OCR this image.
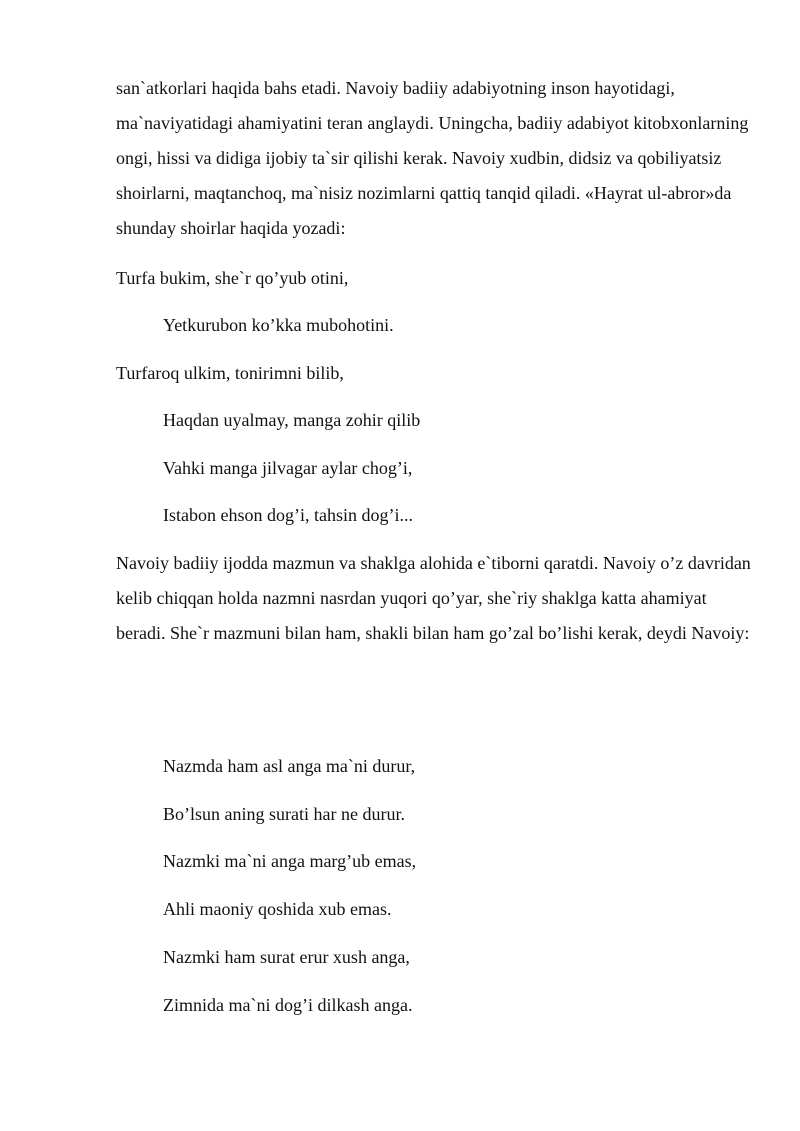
san`atkorlari haqida bahs etadi. Navoiy badiiy adabiyotning inson hayotidagi, ma`naviyatidagi ahamiyatini teran anglaydi. Uningcha, badiiy adabiyot kitobxonlarning ongi, hissi va didiga ijobiy ta`sir qilishi kerak. Navoiy xudbin, didsiz va qobiliyatsiz shoirlarni, maqtanchoq, ma`nisiz nozimlarni qattiq tanqid qiladi. «Hayrat ul-abror»da shunday shoirlar haqida yozadi:

Turfa bukim, she`r qo’yub otini,

Yetkurubon ko’kka mubohotini.

Turfaroq ulkim, tonirimni bilib,

Haqdan uyalmay, manga zohir qilib

Vahki manga jilvagar aylar chog’i,

Istabon ehson dog’i, tahsin dog’i...

Navoiy badiiy ijodda mazmun va shaklga alohida e`tiborni qaratdi. Navoiy o’z davridan kelib chiqqan holda nazmni nasrdan yuqori qo’yar, she`riy shaklga katta ahamiyat beradi. She`r mazmuni bilan ham, shakli bilan ham go’zal bo’lishi kerak, deydi Navoiy:

Nazmda ham asl anga ma`ni durur,

Bo’lsun aning surati har ne durur.

Nazmki ma`ni anga marg’ub emas,

Ahli maoniy qoshida xub emas.

Nazmki ham surat erur xush anga,

Zimnida ma`ni dog’i dilkash anga.
